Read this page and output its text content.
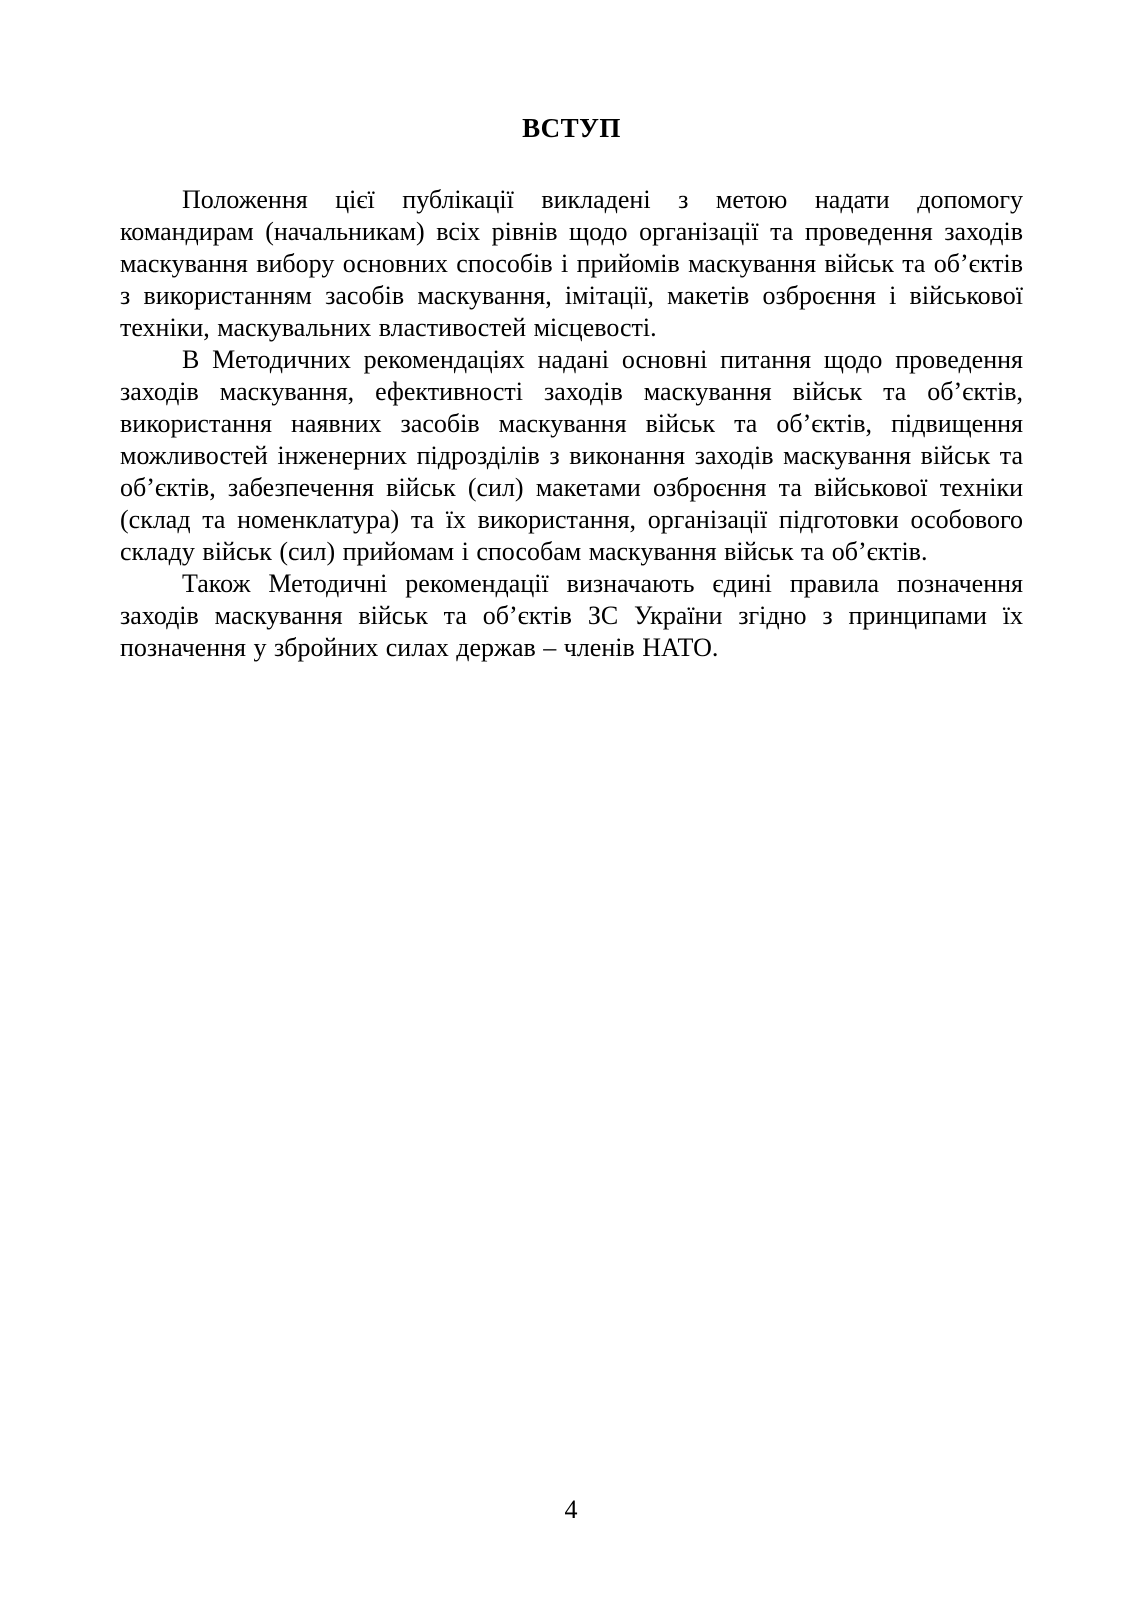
ВСТУП

Положення цієї публікації викладені з метою надати допомогу командирам (начальникам) всіх рівнів щодо організації та проведення заходів маскування вибору основних способів і прийомів маскування військ та об’єктів з використанням засобів маскування, імітації, макетів озброєння і військової техніки, маскувальних властивостей місцевості.

В Методичних рекомендаціях надані основні питання щодо проведення заходів маскування, ефективності заходів маскування військ та об’єктів, використання наявних засобів маскування військ та об’єктів, підвищення можливостей інженерних підрозділів з виконання заходів маскування військ та об’єктів, забезпечення військ (сил) макетами озброєння та військової техніки (склад та номенклатура) та їх використання, організації підготовки особового складу військ (сил) прийомам і способам маскування військ та об’єктів.

Також Методичні рекомендації визначають єдині правила позначення заходів маскування військ та об’єктів ЗС України згідно з принципами їх позначення у збройних силах держав – членів НАТО.

4
